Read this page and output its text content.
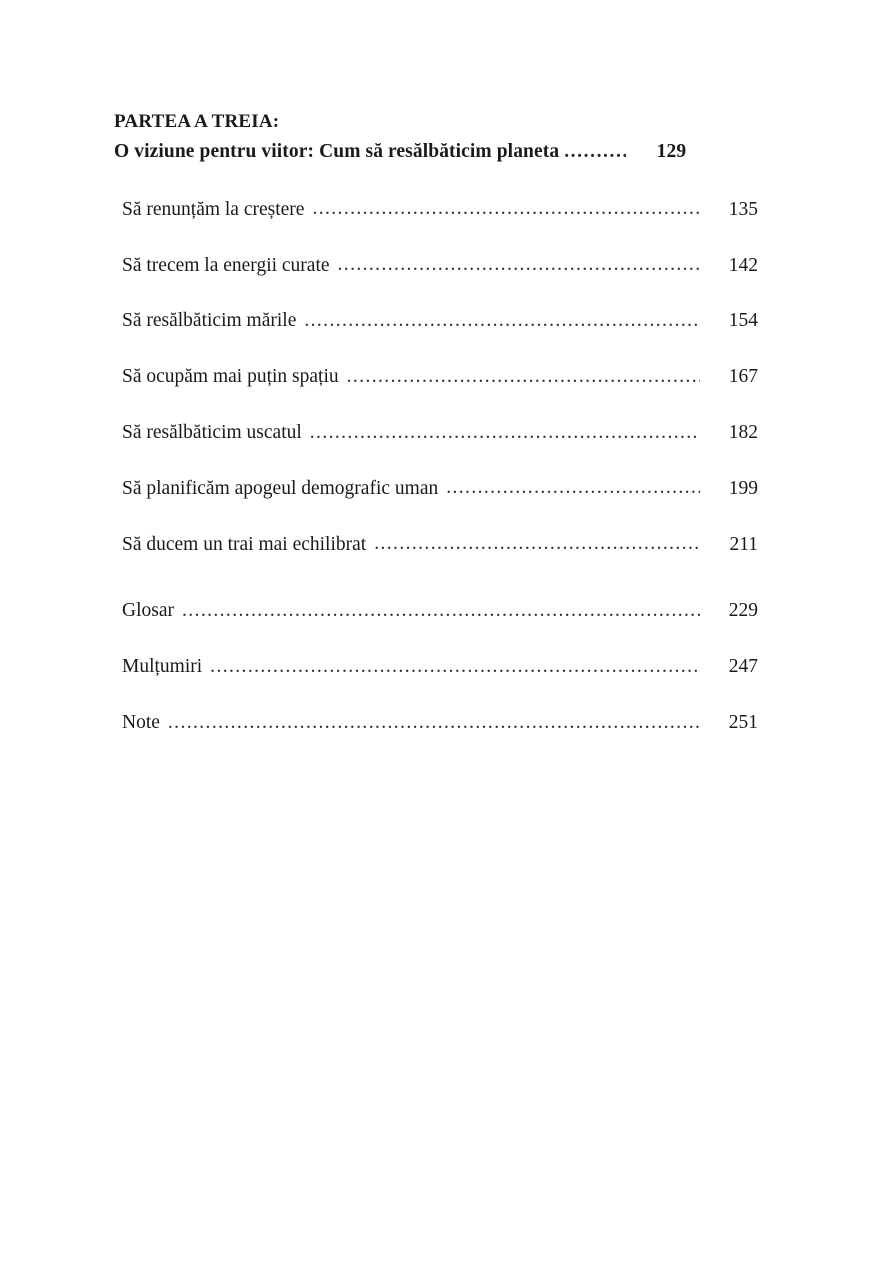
PARTEA A TREIA:
O viziune pentru viitor: Cum să resălbăticim planeta .....	129
Să renunțăm la creștere .....	135
Să trecem la energii curate .....	142
Să resălbăticim mările .....	154
Să ocupăm mai puțin spațiu .....	167
Să resălbăticim uscatul .....	182
Să planificăm apogeul demografic uman .....	199
Să ducem un trai mai echilibrat .....	211
Glosar .....	229
Mulțumiri .....	247
Note .....	251
